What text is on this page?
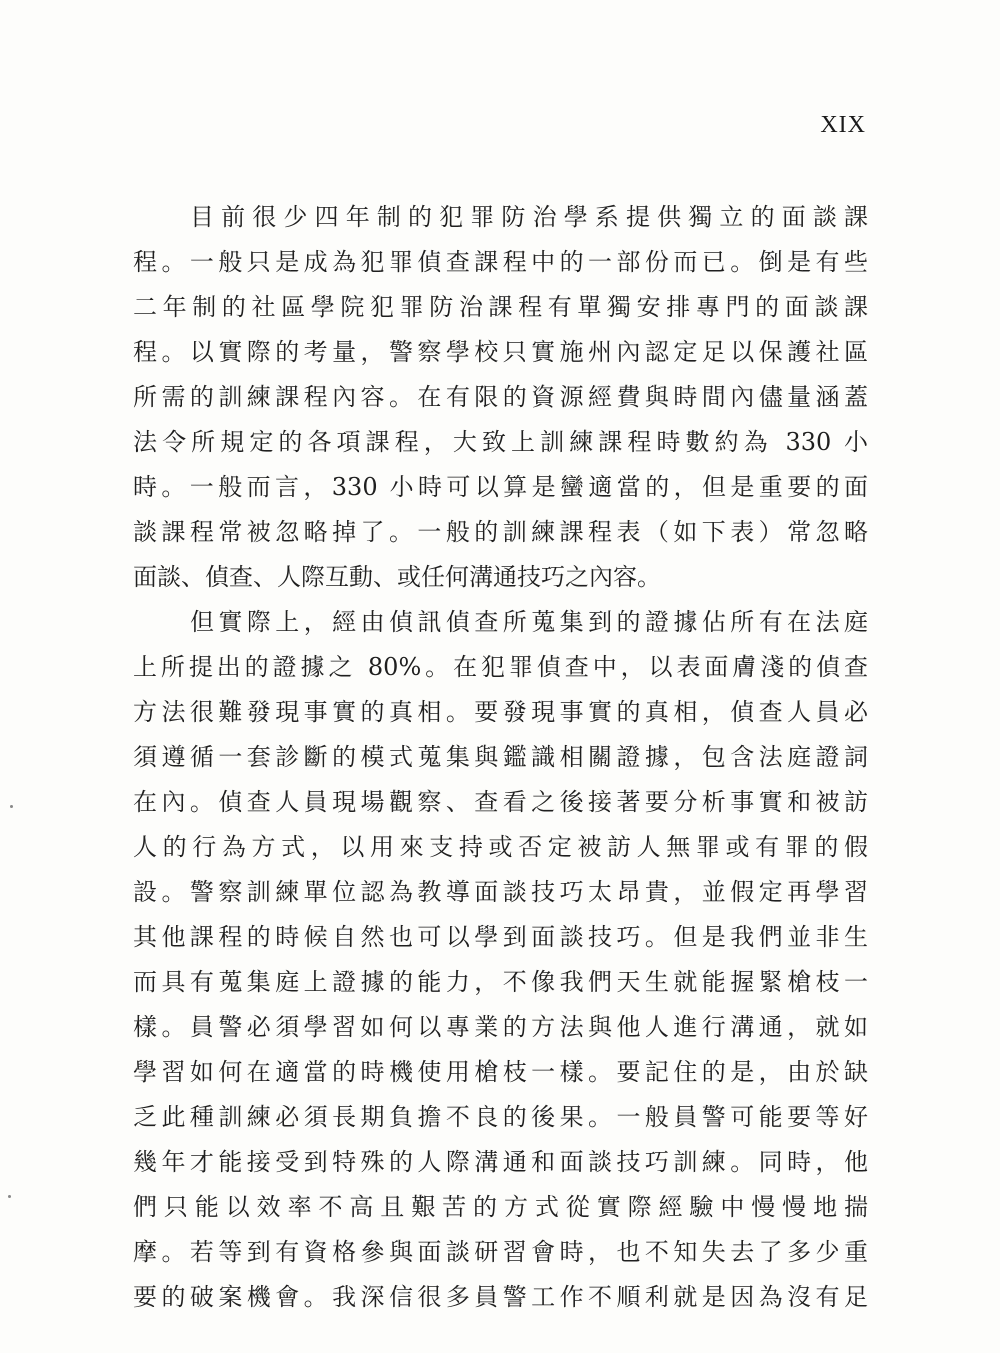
XIX
目前很少四年制的犯罪防治學系提供獨立的面談課
程。一般只是成為犯罪偵查課程中的一部份而已。倒是有些
二年制的社區學院犯罪防治課程有單獨安排專門的面談課
程。以實際的考量，警察學校只實施州內認定足以保護社區
所需的訓練課程內容。在有限的資源經費與時間內儘量涵蓋
法令所規定的各項課程，大致上訓練課程時數約為 330 小
時。一般而言，330 小時可以算是蠻適當的，但是重要的面
談課程常被忽略掉了。一般的訓練課程表（如下表）常忽略
面談、偵查、人際互動、或任何溝通技巧之內容。
但實際上，經由偵訊偵查所蒐集到的證據佔所有在法庭
上所提出的證據之 80%。在犯罪偵查中，以表面膚淺的偵查
方法很難發現事實的真相。要發現事實的真相，偵查人員必
須遵循一套診斷的模式蒐集與鑑識相關證據，包含法庭證詞
在內。偵查人員現場觀察、查看之後接著要分析事實和被訪
人的行為方式，以用來支持或否定被訪人無罪或有罪的假
設。警察訓練單位認為教導面談技巧太昂貴，並假定再學習
其他課程的時候自然也可以學到面談技巧。但是我們並非生
而具有蒐集庭上證據的能力，不像我們天生就能握緊槍枝一
樣。員警必須學習如何以專業的方法與他人進行溝通，就如
學習如何在適當的時機使用槍枝一樣。要記住的是，由於缺
乏此種訓練必須長期負擔不良的後果。一般員警可能要等好
幾年才能接受到特殊的人際溝通和面談技巧訓練。同時，他
們只能以效率不高且艱苦的方式從實際經驗中慢慢地揣
摩。若等到有資格參與面談研習會時，也不知失去了多少重
要的破案機會。我深信很多員警工作不順利就是因為沒有足
